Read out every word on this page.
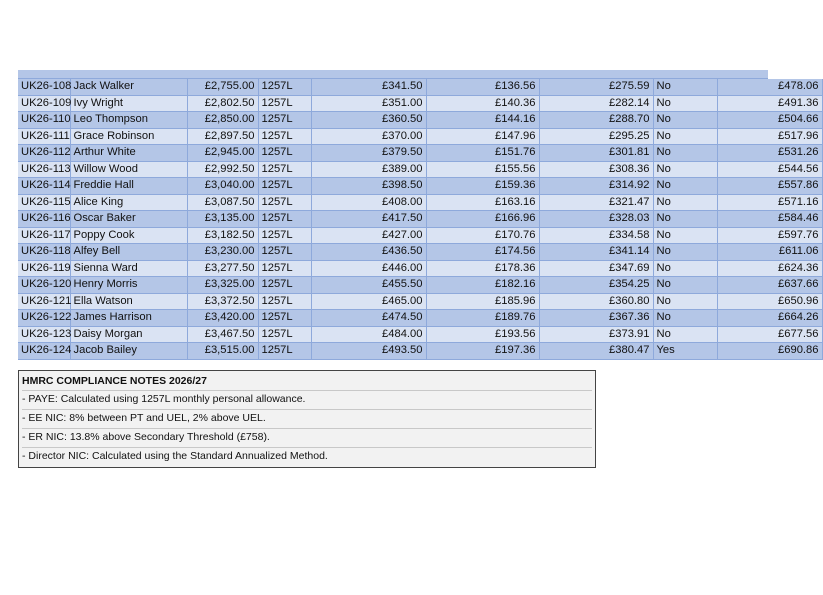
UK26-108	Jack Walker	£2,755.00	1257L	£341.50	£136.56	£275.59	No	£478.06
UK26-109	Ivy Wright	£2,802.50	1257L	£351.00	£140.36	£282.14	No	£491.36
UK26-110	Leo Thompson	£2,850.00	1257L	£360.50	£144.16	£288.70	No	£504.66
UK26-111	Grace Robinson	£2,897.50	1257L	£370.00	£147.96	£295.25	No	£517.96
UK26-112	Arthur White	£2,945.00	1257L	£379.50	£151.76	£301.81	No	£531.26
UK26-113	Willow Wood	£2,992.50	1257L	£389.00	£155.56	£308.36	No	£544.56
UK26-114	Freddie Hall	£3,040.00	1257L	£398.50	£159.36	£314.92	No	£557.86
UK26-115	Alice King	£3,087.50	1257L	£408.00	£163.16	£321.47	No	£571.16
UK26-116	Oscar Baker	£3,135.00	1257L	£417.50	£166.96	£328.03	No	£584.46
UK26-117	Poppy Cook	£3,182.50	1257L	£427.00	£170.76	£334.58	No	£597.76
UK26-118	Alfey Bell	£3,230.00	1257L	£436.50	£174.56	£341.14	No	£611.06
UK26-119	Sienna Ward	£3,277.50	1257L	£446.00	£178.36	£347.69	No	£624.36
UK26-120	Henry Morris	£3,325.00	1257L	£455.50	£182.16	£354.25	No	£637.66
UK26-121	Ella Watson	£3,372.50	1257L	£465.00	£185.96	£360.80	No	£650.96
UK26-122	James Harrison	£3,420.00	1257L	£474.50	£189.76	£367.36	No	£664.26
UK26-123	Daisy Morgan	£3,467.50	1257L	£484.00	£193.56	£373.91	No	£677.56
UK26-124	Jacob Bailey	£3,515.00	1257L	£493.50	£197.36	£380.47	Yes	£690.86
HMRC COMPLIANCE NOTES 2026/27
- PAYE: Calculated using 1257L monthly personal allowance.
- EE NIC: 8% between PT and UEL, 2% above UEL.
- ER NIC: 13.8% above Secondary Threshold (£758).
- Director NIC: Calculated using the Standard Annualized Method.
